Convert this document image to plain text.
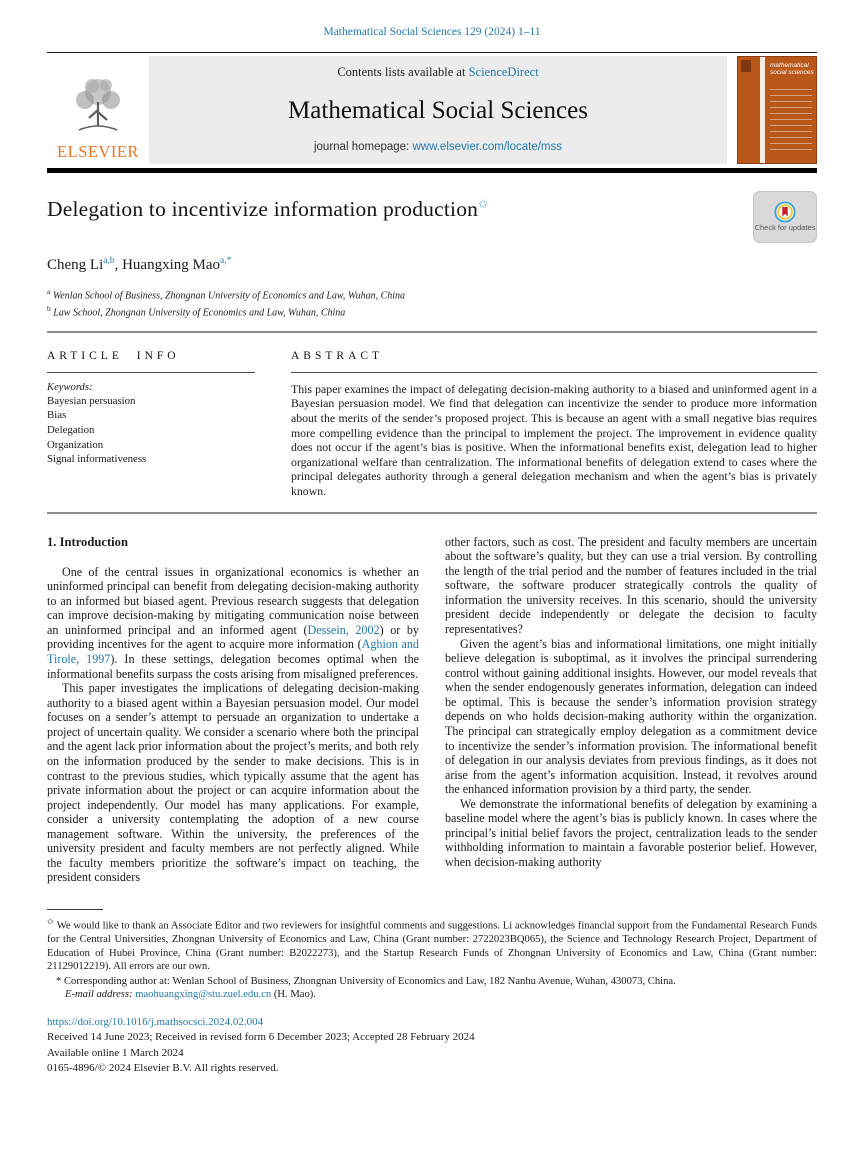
Mathematical Social Sciences 129 (2024) 1–11
ELSEVIER
Contents lists available at ScienceDirect
Mathematical Social Sciences
journal homepage: www.elsevier.com/locate/mss
mathematical social sciences
Delegation to incentivize information production✩
Check for updates
Cheng Li$^{a,b}$, Huangxing Mao$^{a,*}$
$^a$ Wenlan School of Business, Zhongnan University of Economics and Law, Wuhan, China
$^b$ Law School, Zhongnan University of Economics and Law, Wuhan, China
ARTICLE INFO
Keywords:
Bayesian persuasion
Bias
Delegation
Organization
Signal informativeness
ABSTRACT
This paper examines the impact of delegating decision-making authority to a biased and uninformed agent in a Bayesian persuasion model. We find that delegation can incentivize the sender to produce more information about the merits of the sender’s proposed project. This is because an agent with a small negative bias requires more compelling evidence than the principal to implement the project. The improvement in evidence quality does not occur if the agent’s bias is positive. When the informational benefits exist, delegation lead to higher organizational welfare than centralization. The informational benefits of delegation extend to cases where the principal delegates authority through a general delegation mechanism and when the agent’s bias is privately known.
1. Introduction

One of the central issues in organizational economics is whether an uninformed principal can benefit from delegating decision-making authority to an informed but biased agent. Previous research suggests that delegation can improve decision-making by mitigating communication noise between an uninformed principal and an informed agent (Dessein, 2002) or by providing incentives for the agent to acquire more information (Aghion and Tirole, 1997). In these settings, delegation becomes optimal when the informational benefits surpass the costs arising from misaligned preferences.

This paper investigates the implications of delegating decision-making authority to a biased agent within a Bayesian persuasion model. Our model focuses on a sender’s attempt to persuade an organization to undertake a project of uncertain quality. We consider a scenario where both the principal and the agent lack prior information about the project’s merits, and both rely on the information produced by the sender to make decisions. This is in contrast to the previous studies, which typically assume that the agent has private information about the project or can acquire information about the project independently. Our model has many applications. For example, consider a university contemplating the adoption of a new course management software. Within the university, the preferences of the university president and faculty members are not perfectly aligned. While the faculty members prioritize the software’s impact on teaching, the president considers

other factors, such as cost. The president and faculty members are uncertain about the software’s quality, but they can use a trial version. By controlling the length of the trial period and the number of features included in the trial software, the software producer strategically controls the quality of information the university receives. In this scenario, should the university president decide independently or delegate the decision to faculty representatives?

Given the agent’s bias and informational limitations, one might initially believe delegation is suboptimal, as it involves the principal surrendering control without gaining additional insights. However, our model reveals that when the sender endogenously generates information, delegation can indeed be optimal. This is because the sender’s information provision strategy depends on who holds decision-making authority within the organization. The principal can strategically employ delegation as a commitment device to incentivize the sender’s information provision. The informational benefit of delegation in our analysis deviates from previous findings, as it does not arise from the agent’s information acquisition. Instead, it revolves around the enhanced information provision by a third party, the sender.

We demonstrate the informational benefits of delegation by examining a baseline model where the agent’s bias is publicly known. In cases where the principal’s initial belief favors the project, centralization leads to the sender withholding information to maintain a favorable posterior belief. However, when decision-making authority

✩ We would like to thank an Associate Editor and two reviewers for insightful comments and suggestions. Li acknowledges financial support from the Fundamental Research Funds for the Central Universities, Zhongnan University of Economics and Law, China (Grant number: 2722023BQ065), the Science and Technology Research Project, Department of Education of Hubei Province, China (Grant number: B2022273), and the Startup Research Funds of Zhongnan University of Economics and Law, China (Grant number: 21129012219). All errors are our own.
* Corresponding author at: Wenlan School of Business, Zhongnan University of Economics and Law, 182 Nanhu Avenue, Wuhan, 430073, China.
E-mail address: maohuangxing@stu.zuel.edu.cn (H. Mao).
https://doi.org/10.1016/j.mathsocsci.2024.02.004
Received 14 June 2023; Received in revised form 6 December 2023; Accepted 28 February 2024
Available online 1 March 2024
0165-4896/© 2024 Elsevier B.V. All rights reserved.
